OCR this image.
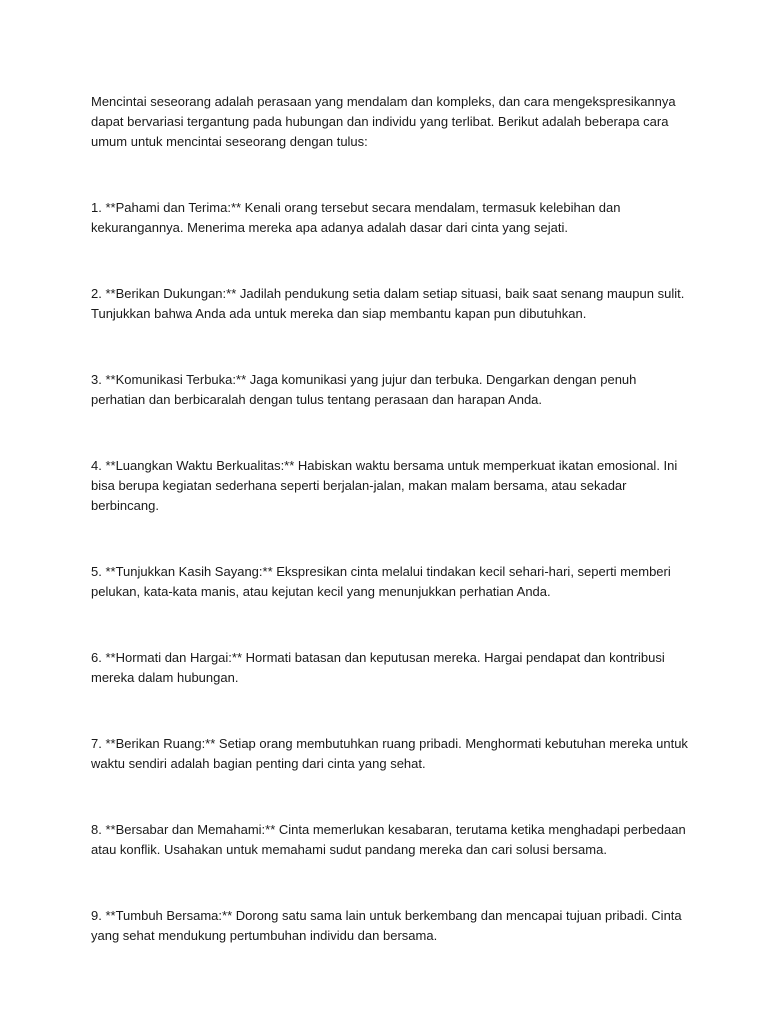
Mencintai seseorang adalah perasaan yang mendalam dan kompleks, dan cara mengekspresikannya dapat bervariasi tergantung pada hubungan dan individu yang terlibat. Berikut adalah beberapa cara umum untuk mencintai seseorang dengan tulus:

1. **Pahami dan Terima:** Kenali orang tersebut secara mendalam, termasuk kelebihan dan kekurangannya. Menerima mereka apa adanya adalah dasar dari cinta yang sejati.

2. **Berikan Dukungan:** Jadilah pendukung setia dalam setiap situasi, baik saat senang maupun sulit. Tunjukkan bahwa Anda ada untuk mereka dan siap membantu kapan pun dibutuhkan.

3. **Komunikasi Terbuka:** Jaga komunikasi yang jujur dan terbuka. Dengarkan dengan penuh perhatian dan berbicaralah dengan tulus tentang perasaan dan harapan Anda.

4. **Luangkan Waktu Berkualitas:** Habiskan waktu bersama untuk memperkuat ikatan emosional. Ini bisa berupa kegiatan sederhana seperti berjalan-jalan, makan malam bersama, atau sekadar berbincang.

5. **Tunjukkan Kasih Sayang:** Ekspresikan cinta melalui tindakan kecil sehari-hari, seperti memberi pelukan, kata-kata manis, atau kejutan kecil yang menunjukkan perhatian Anda.

6. **Hormati dan Hargai:** Hormati batasan dan keputusan mereka. Hargai pendapat dan kontribusi mereka dalam hubungan.

7. **Berikan Ruang:** Setiap orang membutuhkan ruang pribadi. Menghormati kebutuhan mereka untuk waktu sendiri adalah bagian penting dari cinta yang sehat.

8. **Bersabar dan Memahami:** Cinta memerlukan kesabaran, terutama ketika menghadapi perbedaan atau konflik. Usahakan untuk memahami sudut pandang mereka dan cari solusi bersama.

9. **Tumbuh Bersama:** Dorong satu sama lain untuk berkembang dan mencapai tujuan pribadi. Cinta yang sehat mendukung pertumbuhan individu dan bersama.
